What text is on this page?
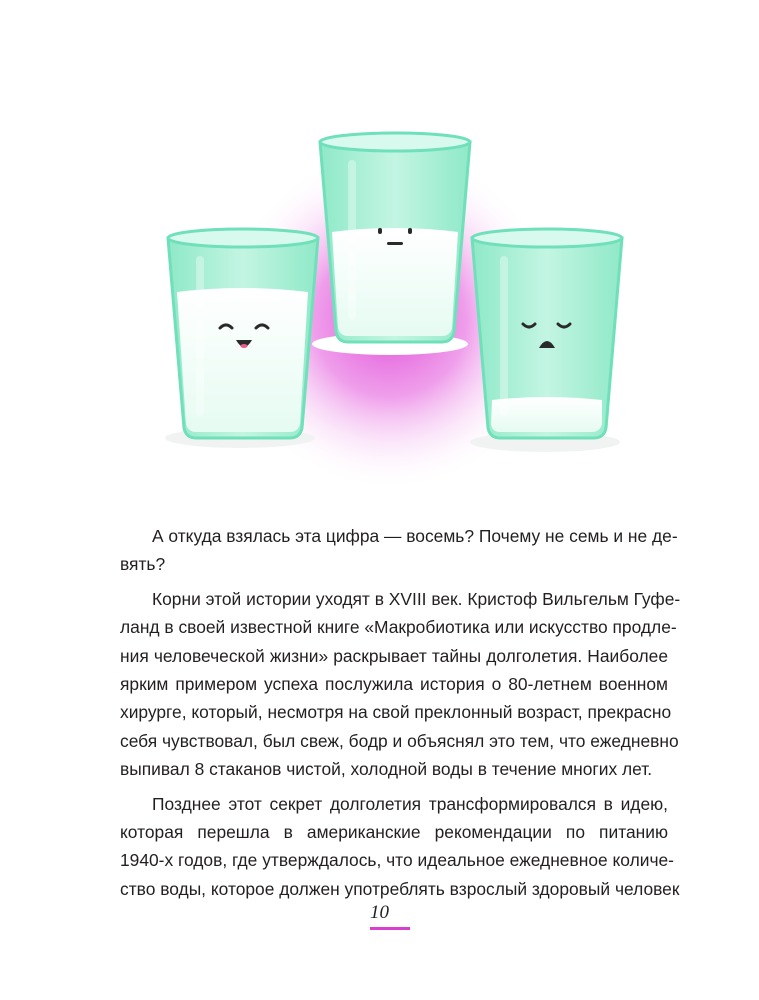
А откуда взялась эта цифра — восемь? Почему не семь и не де-
вять?
Корни этой истории уходят в XVIII век. Кристоф Вильгельм Гуфе-
ланд в своей известной книге «Макробиотика или искусство продле-
ния человеческой жизни» раскрывает тайны долголетия. Наиболее
ярким примером успеха послужила история о 80-летнем военном
хирурге, который, несмотря на свой преклонный возраст, прекрасно
себя чувствовал, был свеж, бодр и объяснял это тем, что ежедневно
выпивал 8 стаканов чистой, холодной воды в течение многих лет.
Позднее этот секрет долголетия трансформировался в идею,
которая перешла в американские рекомендации по питанию
1940-х годов, где утверждалось, что идеальное ежедневное количе-
ство воды, которое должен употреблять взрослый здоровый человек
10
